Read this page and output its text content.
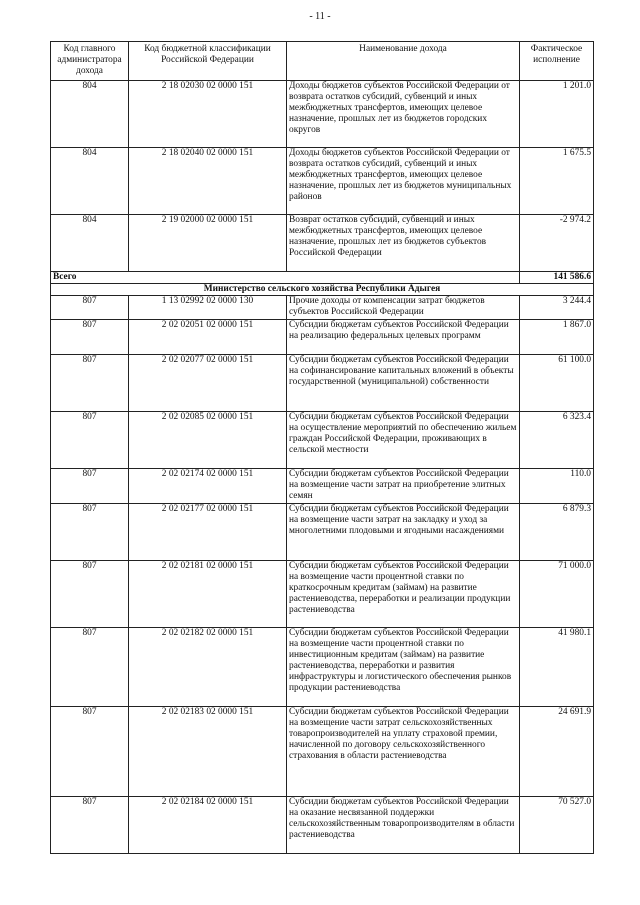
- 11 -
Код главного администратора дохода	Код бюджетной классификации Российской Федерации	Наименование дохода	Фактическое исполнение
804	2 18 02030 02 0000 151	Доходы бюджетов субъектов Российской Федерации от возврата остатков субсидий, субвенций и иных межбюджетных трансфертов, имеющих целевое назначение, прошлых лет из бюджетов городских округов	1 201.0
804	2 18 02040 02 0000 151	Доходы бюджетов субъектов Российской Федерации от возврата остатков субсидий, субвенций и иных межбюджетных трансфертов, имеющих целевое назначение, прошлых лет из бюджетов муниципальных районов	1 675.5
804	2 19 02000 02 0000 151	Возврат остатков субсидий, субвенций и иных межбюджетных трансфертов, имеющих целевое назначение, прошлых лет из бюджетов субъектов Российской Федерации	-2 974.2
Всего			141 586.6
Министерство сельского хозяйства Республики Адыгея			
807	1 13 02992 02 0000 130	Прочие доходы от компенсации затрат бюджетов субъектов Российской Федерации	3 244.4
807	2 02 02051 02 0000 151	Субсидии бюджетам субъектов Российской Федерации на реализацию федеральных целевых программ	1 867.0
807	2 02 02077 02 0000 151	Субсидии бюджетам субъектов Российской Федерации на софинансирование капитальных вложений в объекты государственной (муниципальной) собственности	61 100.0
807	2 02 02085 02 0000 151	Субсидии бюджетам субъектов Российской Федерации на осуществление мероприятий по обеспечению жильем граждан Российской Федерации, проживающих в сельской местности	6 323.4
807	2 02 02174 02 0000 151	Субсидии бюджетам субъектов Российской Федерации на возмещение части затрат на приобретение элитных семян	110.0
807	2 02 02177 02 0000 151	Субсидии бюджетам субъектов Российской Федерации на возмещение части затрат на закладку и уход за многолетними плодовыми и ягодными насаждениями	6 879.3
807	2 02 02181 02 0000 151	Субсидии бюджетам субъектов Российской Федерации на возмещение части процентной ставки по краткосрочным кредитам (займам) на развитие растениеводства, переработки и реализации продукции растениеводства	71 000.0
807	2 02 02182 02 0000 151	Субсидии бюджетам субъектов Российской Федерации на возмещение части процентной ставки по инвестиционным кредитам (займам) на развитие растениеводства, переработки и развития инфраструктуры и логистического обеспечения рынков продукции растениеводства	41 980.1
807	2 02 02183 02 0000 151	Субсидии бюджетам субъектов Российской Федерации на возмещение части затрат сельскохозяйственных товаропроизводителей на уплату страховой премии, начисленной по договору сельскохозяйственного страхования в области растениеводства	24 691.9
807	2 02 02184 02 0000 151	Субсидии бюджетам субъектов Российской Федерации на оказание несвязанной поддержки сельскохозяйственным товаропроизводителям в области растениеводства	70 527.0
